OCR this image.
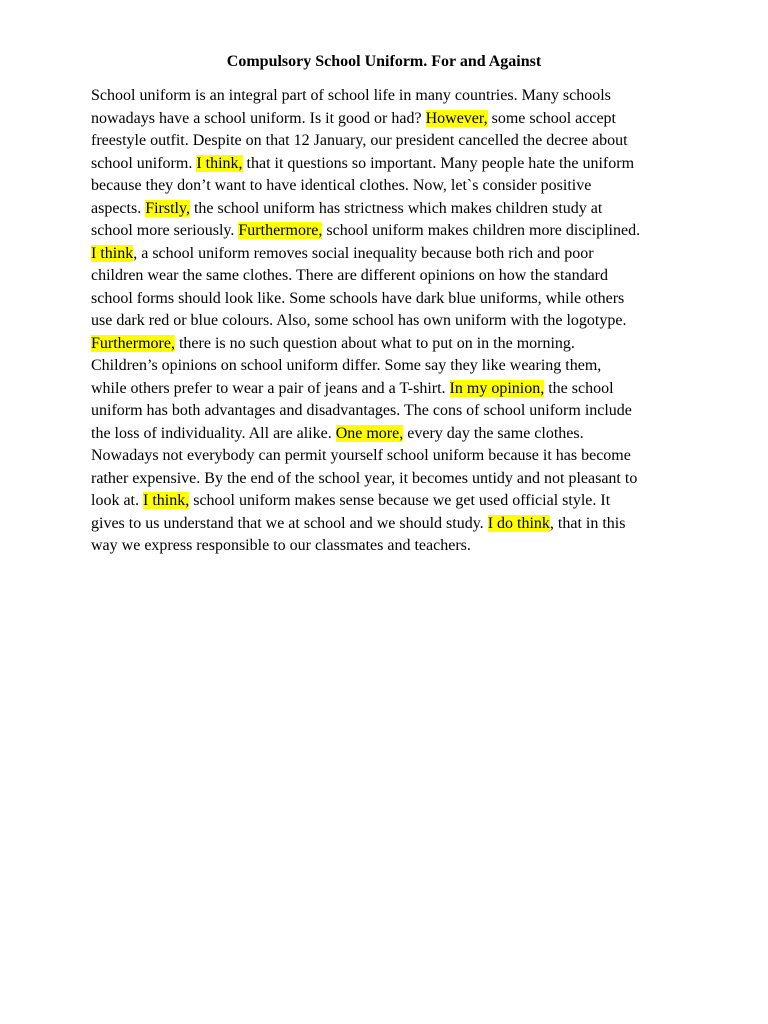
Compulsory School Uniform. For and Against
School uniform is an integral part of school life in many countries. Many schools
nowadays have a school uniform. Is it good or had? However, some school accept
freestyle outfit. Despite on that 12 January, our president cancelled the decree about
school uniform. I think, that it questions so important. Many people hate the uniform
because they don’t want to have identical clothes. Now, let`s consider positive
aspects. Firstly, the school uniform has strictness which makes children study at
school more seriously. Furthermore, school uniform makes children more disciplined.
I think, a school uniform removes social inequality because both rich and poor
children wear the same clothes. There are different opinions on how the standard
school forms should look like. Some schools have dark blue uniforms, while others
use dark red or blue colours. Also, some school has own uniform with the logotype.
Furthermore, there is no such question about what to put on in the morning.
Children’s opinions on school uniform differ. Some say they like wearing them,
while others prefer to wear a pair of jeans and a T-shirt. In my opinion, the school
uniform has both advantages and disadvantages. The cons of school uniform include
the loss of individuality. All are alike. One more, every day the same clothes.
Nowadays not everybody can permit yourself school uniform because it has become
rather expensive. By the end of the school year, it becomes untidy and not pleasant to
look at. I think, school uniform makes sense because we get used official style. It
gives to us understand that we at school and we should study. I do think, that in this
way we express responsible to our classmates and teachers.
